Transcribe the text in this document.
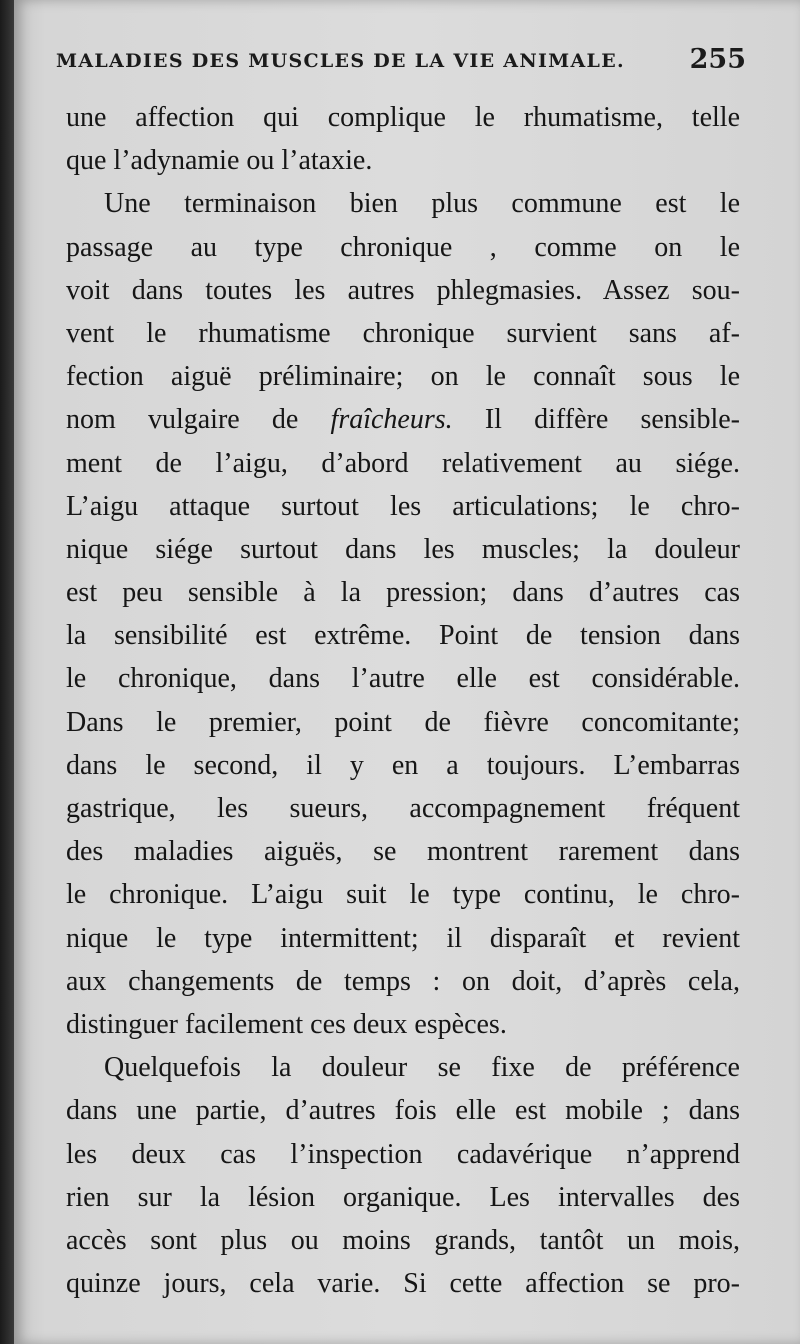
MALADIES DES MUSCLES DE LA VIE ANIMALE. 255
une affection qui complique le rhumatisme, telle
que l’adynamie ou l’ataxie.
Une terminaison bien plus commune est le
passage au type chronique , comme on le
voit dans toutes les autres phlegmasies. Assez sou-
vent le rhumatisme chronique survient sans af-
fection aiguë préliminaire; on le connaît sous le
nom vulgaire de fraîcheurs. Il diffère sensible-
ment de l’aigu, d’abord relativement au siége.
L’aigu attaque surtout les articulations; le chro-
nique siége surtout dans les muscles; la douleur
est peu sensible à la pression; dans d’autres cas
la sensibilité est extrême. Point de tension dans
le chronique, dans l’autre elle est considérable.
Dans le premier, point de fièvre concomitante;
dans le second, il y en a toujours. L’embarras
gastrique, les sueurs, accompagnement fréquent
des maladies aiguës, se montrent rarement dans
le chronique. L’aigu suit le type continu, le chro-
nique le type intermittent; il disparaît et revient
aux changements de temps : on doit, d’après cela,
distinguer facilement ces deux espèces.
Quelquefois la douleur se fixe de préférence
dans une partie, d’autres fois elle est mobile ; dans
les deux cas l’inspection cadavérique n’apprend
rien sur la lésion organique. Les intervalles des
accès sont plus ou moins grands, tantôt un mois,
quinze jours, cela varie. Si cette affection se pro-
